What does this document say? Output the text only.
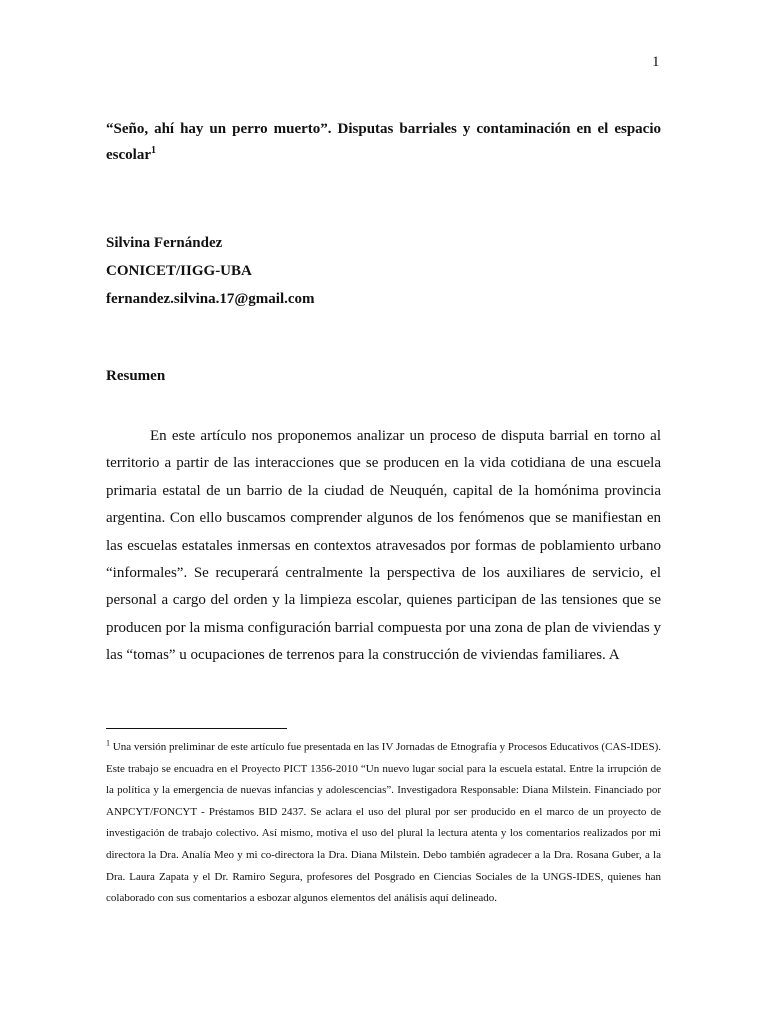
1
“Seño, ahí hay un perro muerto”. Disputas barriales y contaminación en el espacio escolar$^1$
Silvina Fernández
CONICET/IIGG-UBA
fernandez.silvina.17@gmail.com
Resumen
En este artículo nos proponemos analizar un proceso de disputa barrial en torno al territorio a partir de las interacciones que se producen en la vida cotidiana de una escuela primaria estatal de un barrio de la ciudad de Neuquén, capital de la homónima provincia argentina. Con ello buscamos comprender algunos de los fenómenos que se manifiestan en las escuelas estatales inmersas en contextos atravesados por formas de poblamiento urbano “informales”. Se recuperará centralmente la perspectiva de los auxiliares de servicio, el personal a cargo del orden y la limpieza escolar, quienes participan de las tensiones que se producen por la misma configuración barrial compuesta por una zona de plan de viviendas y las “tomas” u ocupaciones de terrenos para la construcción de viviendas familiares. A
$^1$ Una versión preliminar de este artículo fue presentada en las IV Jornadas de Etnografía y Procesos Educativos (CAS-IDES). Este trabajo se encuadra en el Proyecto PICT 1356-2010 “Un nuevo lugar social para la escuela estatal. Entre la irrupción de la política y la emergencia de nuevas infancias y adolescencias”. Investigadora Responsable: Diana Milstein. Financiado por ANPCYT/FONCYT - Préstamos BID 2437. Se aclara el uso del plural por ser producido en el marco de un proyecto de investigación de trabajo colectivo. Así mismo, motiva el uso del plural la lectura atenta y los comentarios realizados por mi directora la Dra. Analía Meo y mi co-directora la Dra. Diana Milstein. Debo también agradecer a la Dra. Rosana Guber, a la Dra. Laura Zapata y el Dr. Ramiro Segura, profesores del Posgrado en Ciencias Sociales de la UNGS-IDES, quienes han colaborado con sus comentarios a esbozar algunos elementos del análisis aquí delineado.
